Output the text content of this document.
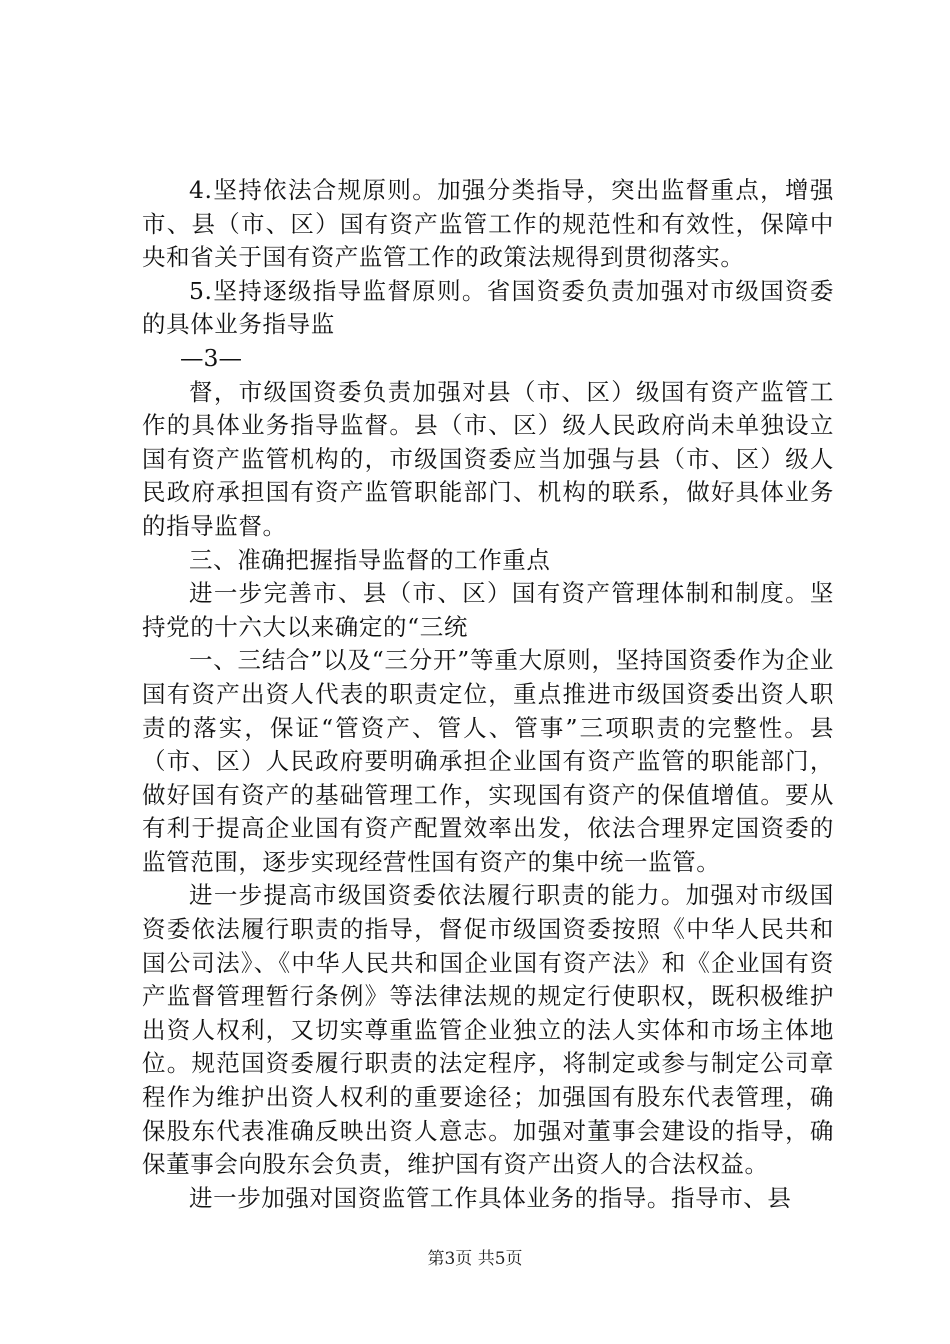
4.坚持依法合规原则。加强分类指导，突出监督重点，增强市、县（市、区）国有资产监管工作的规范性和有效性，保障中央和省关于国有资产监管工作的政策法规得到贯彻落实。

5.坚持逐级指导监督原则。省国资委负责加强对市级国资委的具体业务指导监

—3—

督，市级国资委负责加强对县（市、区）级国有资产监管工作的具体业务指导监督。县（市、区）级人民政府尚未单独设立国有资产监管机构的，市级国资委应当加强与县（市、区）级人民政府承担国有资产监管职能部门、机构的联系，做好具体业务的指导监督。

三、准确把握指导监督的工作重点

进一步完善市、县（市、区）国有资产管理体制和制度。坚持党的十六大以来确定的“三统

一、三结合”以及“三分开”等重大原则，坚持国资委作为企业国有资产出资人代表的职责定位，重点推进市级国资委出资人职责的落实，保证“管资产、管人、管事”三项职责的完整性。县（市、区）人民政府要明确承担企业国有资产监管的职能部门，做好国有资产的基础管理工作，实现国有资产的保值增值。要从有利于提高企业国有资产配置效率出发，依法合理界定国资委的监管范围，逐步实现经营性国有资产的集中统一监管。

进一步提高市级国资委依法履行职责的能力。加强对市级国资委依法履行职责的指导，督促市级国资委按照《中华人民共和国公司法》、《中华人民共和国企业国有资产法》和《企业国有资产监督管理暂行条例》等法律法规的规定行使职权，既积极维护出资人权利，又切实尊重监管企业独立的法人实体和市场主体地位。规范国资委履行职责的法定程序，将制定或参与制定公司章程作为维护出资人权利的重要途径；加强国有股东代表管理，确保股东代表准确反映出资人意志。加强对董事会建设的指导，确保董事会向股东会负责，维护国有资产出资人的合法权益。

进一步加强对国资监管工作具体业务的指导。指导市、县

第3页 共5页
